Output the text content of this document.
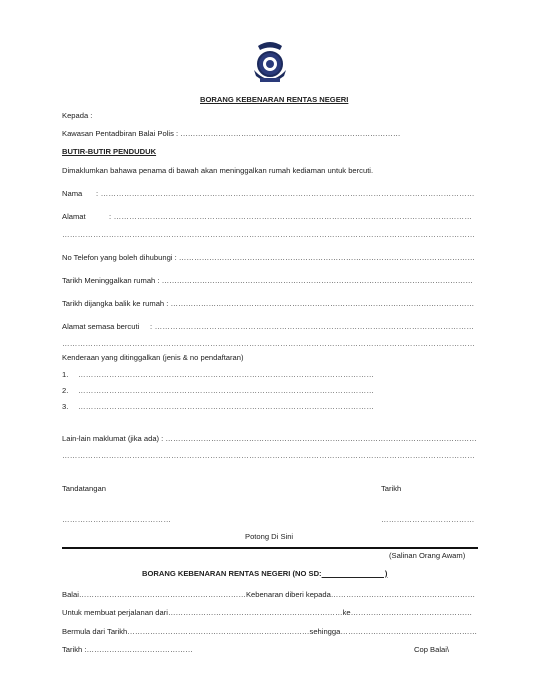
BORANG KEBENARAN RENTAS NEGERI
Kepada :
Kawasan Pentadbiran Balai Polis : ……………………………………………………………………………
BUTIR-BUTIR PENDUDUK
Dimaklumkan bahawa penama di bawah akan meninggalkan rumah kediaman untuk bercuti.
Nama : ………………………………………………………………………………………………………………………………
Alamat	: …………………………………………………………………………………………………………………………
……………………………………………………………………………………………………………………………………………
No Telefon yang boleh dihubungi : ………………………………………………………………………………………………………
Tarikh Meninggalkan rumah : ……………………………………………………………………………………………………………
Tarikh dijangka balik ke rumah : …………………………………………………………………………………………………………
Alamat semasa bercuti : ……………………………………………………………………………………………………………
……………………………………………………………………………………………………………………………………………
Kenderaan yang ditinggalkan (jenis & no pendaftaran)
1. ……………………………………………………………………………………………………
2. ……………………………………………………………………………………………………
3. ……………………………………………………………………………………………………
Lain-lain maklumat (jika ada) : ……………………………………………………………………………………………………………
……………………………………………………………………………………………………………………………………………
Tandatangan	Tarikh
……………………………………	………………………………
Potong Di Sini
(Salinan Orang Awam)
BORANG KEBENARAN RENTAS NEGERI (NO SD:                              )
Balai…………………………………………………………Kebenaran diberi kepada…………………………………………………
Untuk membuat perjalanan dari……………………………………………………………ke…………………………………………
Bermula dari Tarikh………………………………………………………………sehingga………………………………………………
Tarikh :……………………………………	Cop Balai\
